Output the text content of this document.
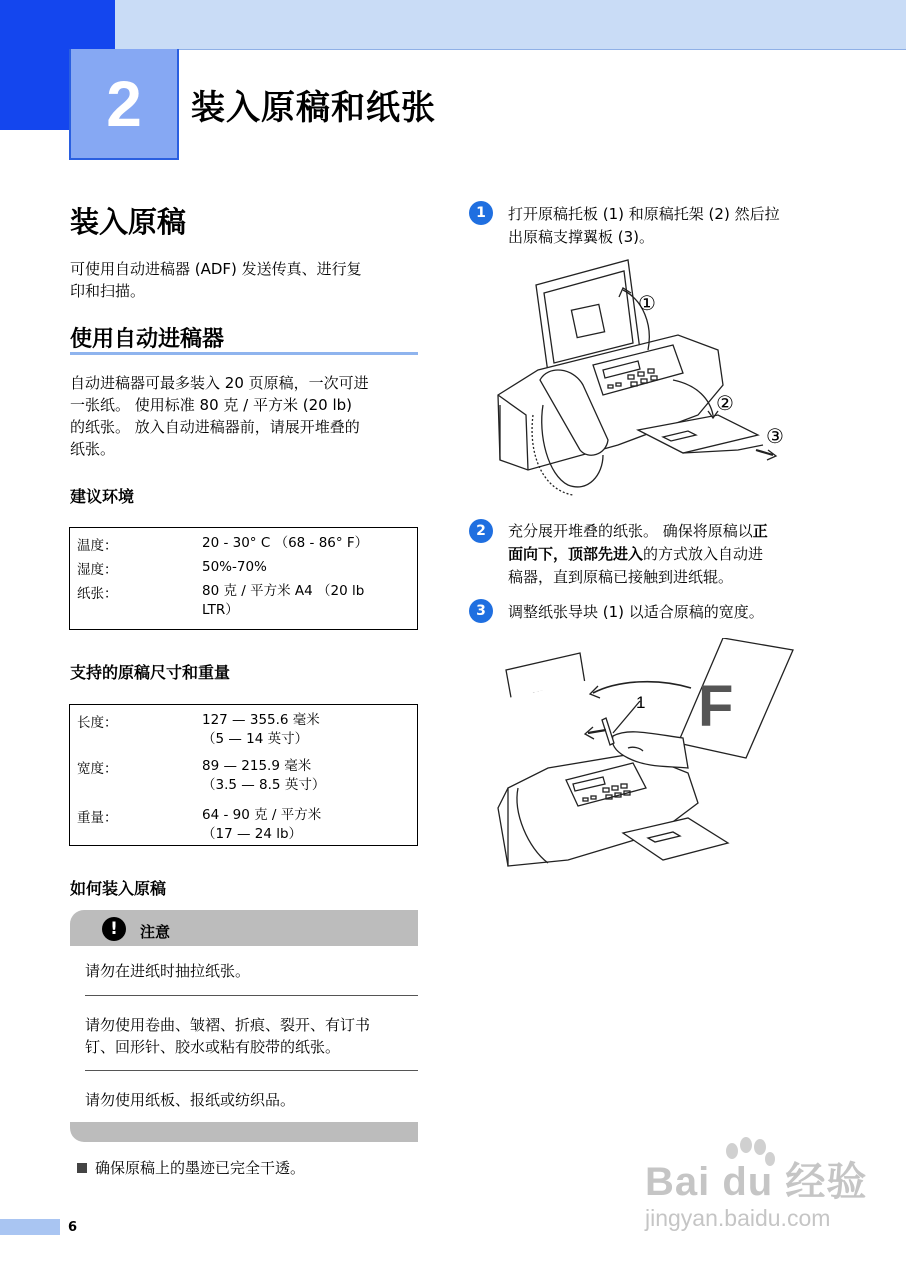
2	装入原稿和纸张
装入原稿
可使用自动进稿器 (ADF) 发送传真、进行复
印和扫描。
使用自动进稿器
自动进稿器可最多装入 20 页原稿，一次可进
一张纸。 使用标准 80 克 / 平方米 (20 lb)
的纸张。 放入自动进稿器前，请展开堆叠的
纸张。
建议环境
温度：	20 - 30° C （68 - 86° F）
湿度：	50%-70%
纸张：	80 克 / 平方米 A4 （20 lb
LTR）
支持的原稿尺寸和重量
长度：	127 — 355.6 毫米
（5 — 14 英寸）
宽度：	89 — 215.9 毫米
（3.5 — 8.5 英寸）
重量：	64 - 90 克 / 平方米
（17 — 24 lb）
如何装入原稿
!	注意
请勿在进纸时抽拉纸张。
请勿使用卷曲、皱褶、折痕、裂开、有订书
钉、回形针、胶水或粘有胶带的纸张。
请勿使用纸板、报纸或纺织品。
确保原稿上的墨迹已完全干透。
1	打开原稿托板 (1) 和原稿托架 (2) 然后拉
出原稿支撑翼板 (3)。
①
②
③
2	充分展开堆叠的纸张。 确保将原稿以正
面向下，顶部先进入的方式放入自动进
稿器，直到原稿已接触到进纸辊。
3	调整纸张导块 (1) 以适合原稿的宽度。
F
1
6
Bai du 经验
jingyan.baidu.com
